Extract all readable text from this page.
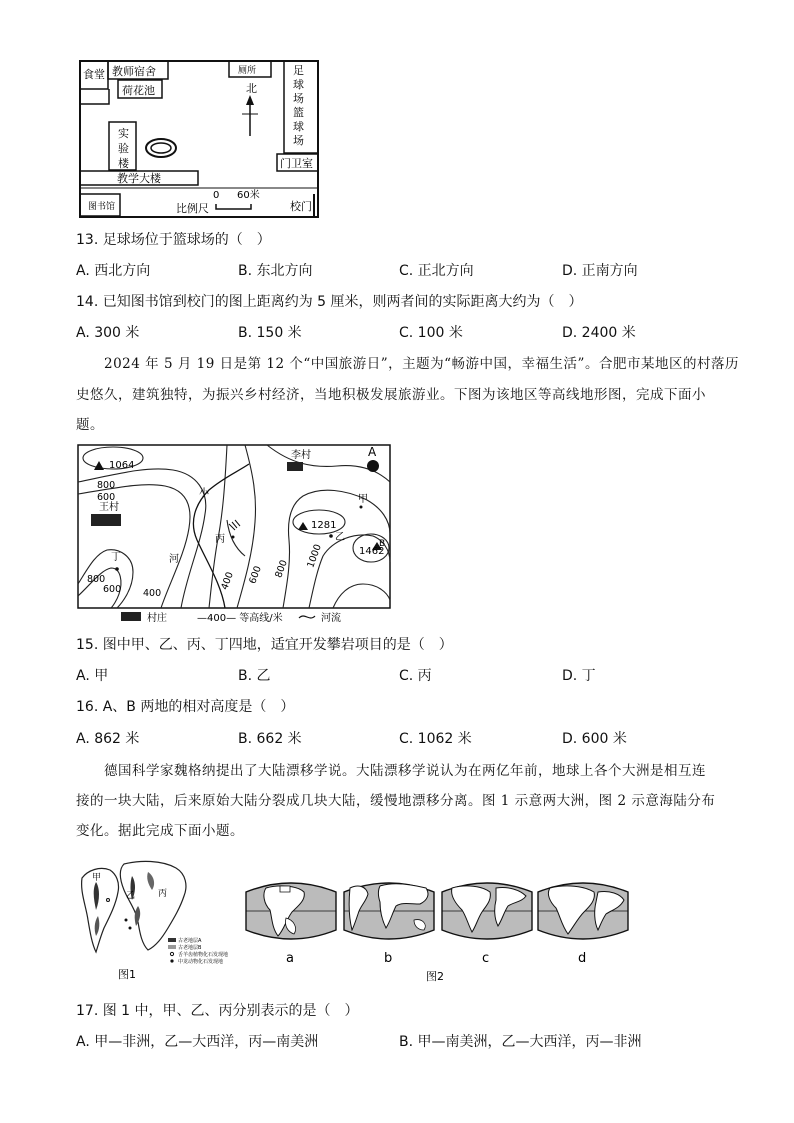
食堂 教师宿舍
荷花池
厕所
北
足
球
场
篮
球
场
门卫室
实
验
楼
教学大楼
图书馆
0 60米
比例尺	校门
13. 足球场位于篮球场的（　）
A. 西北方向	B. 东北方向	C. 正北方向	D. 正南方向
14. 已知图书馆到校门的图上距离约为 5 厘米，则两者间的实际距离大约为（　）
A. 300 米	B. 150 米	C. 100 米	D. 2400 米
2024 年 5 月 19 日是第 12 个“中国旅游日”，主题为“畅游中国，幸福生活”。合肥市某地区的村落历
史悠久，建筑独特，为振兴乡村经济，当地积极发展旅游业。下图为该地区等高线地形图，完成下面小
题。
1064
1281
1462
B
李村
王村
A
甲
乙
丙
丁
小
河
800
600
800
600 400
400 600 800 1000
村庄	—400— 等高线/米	河流
15. 图中甲、乙、丙、丁四地，适宜开发攀岩项目的是（　）
A. 甲	B. 乙	C. 丙	D. 丁
16. A、B 两地的相对高度是（　）
A. 862 米	B. 662 米	C. 1062 米	D. 600 米
德国科学家魏格纳提出了大陆漂移学说。大陆漂移学说认为在两亿年前，地球上各个大洲是相互连
接的一块大陆，后来原始大陆分裂成几块大陆，缓慢地漂移分离。图 1 示意两大洲，图 2 示意海陆分布
变化。据此完成下面小题。
甲
乙	丙
古老地层A
古老地层B
舌羊齿植物化石发现地
中龙动物化石发现地
图1
a	b	c	d
图2
17. 图 1 中，甲、乙、丙分别表示的是（　）
A. 甲—非洲，乙—大西洋，丙—南美洲	B. 甲—南美洲，乙—大西洋，丙—非洲
